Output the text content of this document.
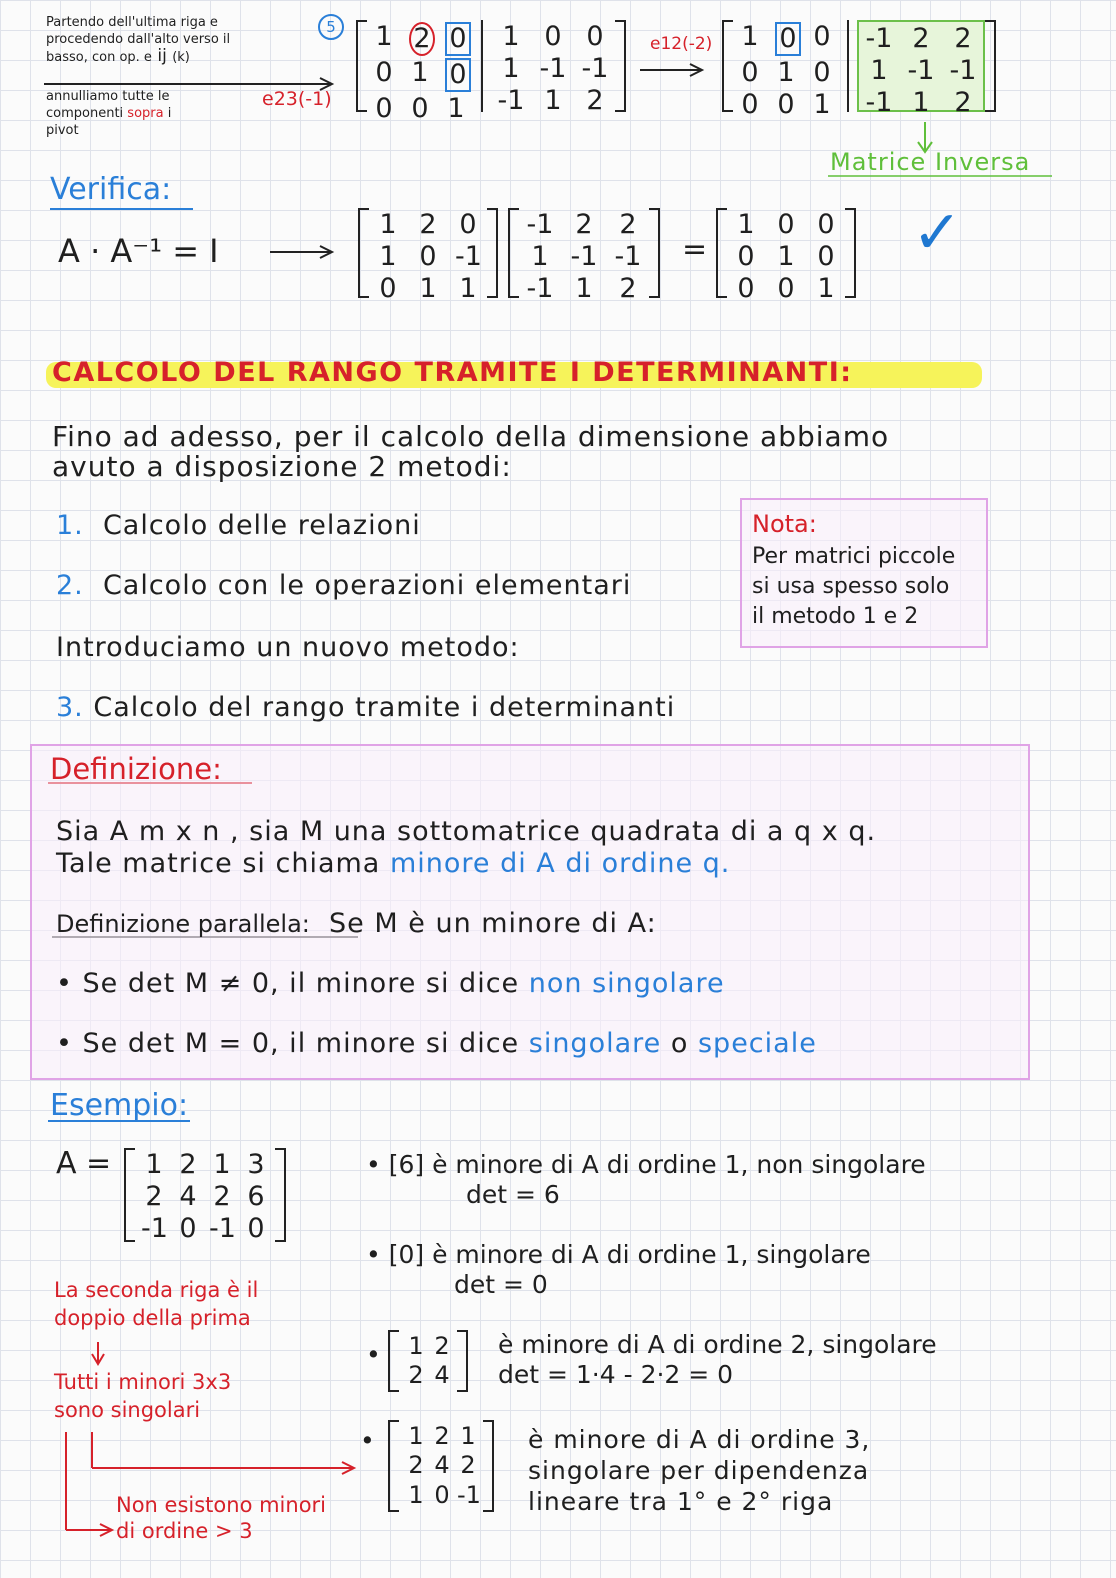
Partendo dell'ultima riga e
procedendo dall'alto verso il
basso, con op. e ij (k)
annulliamo tutte le
componenti sopra i
pivot
5
e23(-1)
e12(-2)
1 2 0
0 1 0
0 0 1
1 0 0
1 -1 -1
-1 1 2
1 0 0
0 1 0
0 0 1
-1 2 2
1 -1 -1
-1 1 2
Matrice Inversa
Verifica:
A · A⁻¹ = I
1 2 0
1 0 -1
0 1 1
-1 2 2
1 -1 -1
-1 1 2
=
1 0 0
0 1 0
0 0 1
✓
CALCOLO DEL RANGO TRAMITE I DETERMINANTI:
Fino ad adesso, per il calcolo della dimensione abbiamo
avuto a disposizione 2 metodi:
1. Calcolo delle relazioni
2. Calcolo con le operazioni elementari
Introduciamo un nuovo metodo:
3. Calcolo del rango tramite i determinanti
Nota:
Per matrici piccole
si usa spesso solo
il metodo 1 e 2
Definizione:
Sia A m x n , sia M una sottomatrice quadrata di a q x q.
Tale matrice si chiama minore di A di ordine q.
Definizione parallela: Se M è un minore di A:
• Se det M ≠ 0, il minore si dice non singolare
• Se det M = 0, il minore si dice singolare o speciale
Esempio:
A = 1 2 1 3
2 4 2 6
-1 0 -1 0
La seconda riga è il
doppio della prima
Tutti i minori 3x3
sono singolari
Non esistono minori
di ordine > 3
• [6] è minore di A di ordine 1, non singolare
det = 6
• [0] è minore di A di ordine 1, singolare
det = 0
• 1 2
2 4
è minore di A di ordine 2, singolare
det = 1·4 - 2·2 = 0
• 1 2 1
2 4 2
1 0 -1
è minore di A di ordine 3,
singolare per dipendenza
lineare tra 1° e 2° riga
